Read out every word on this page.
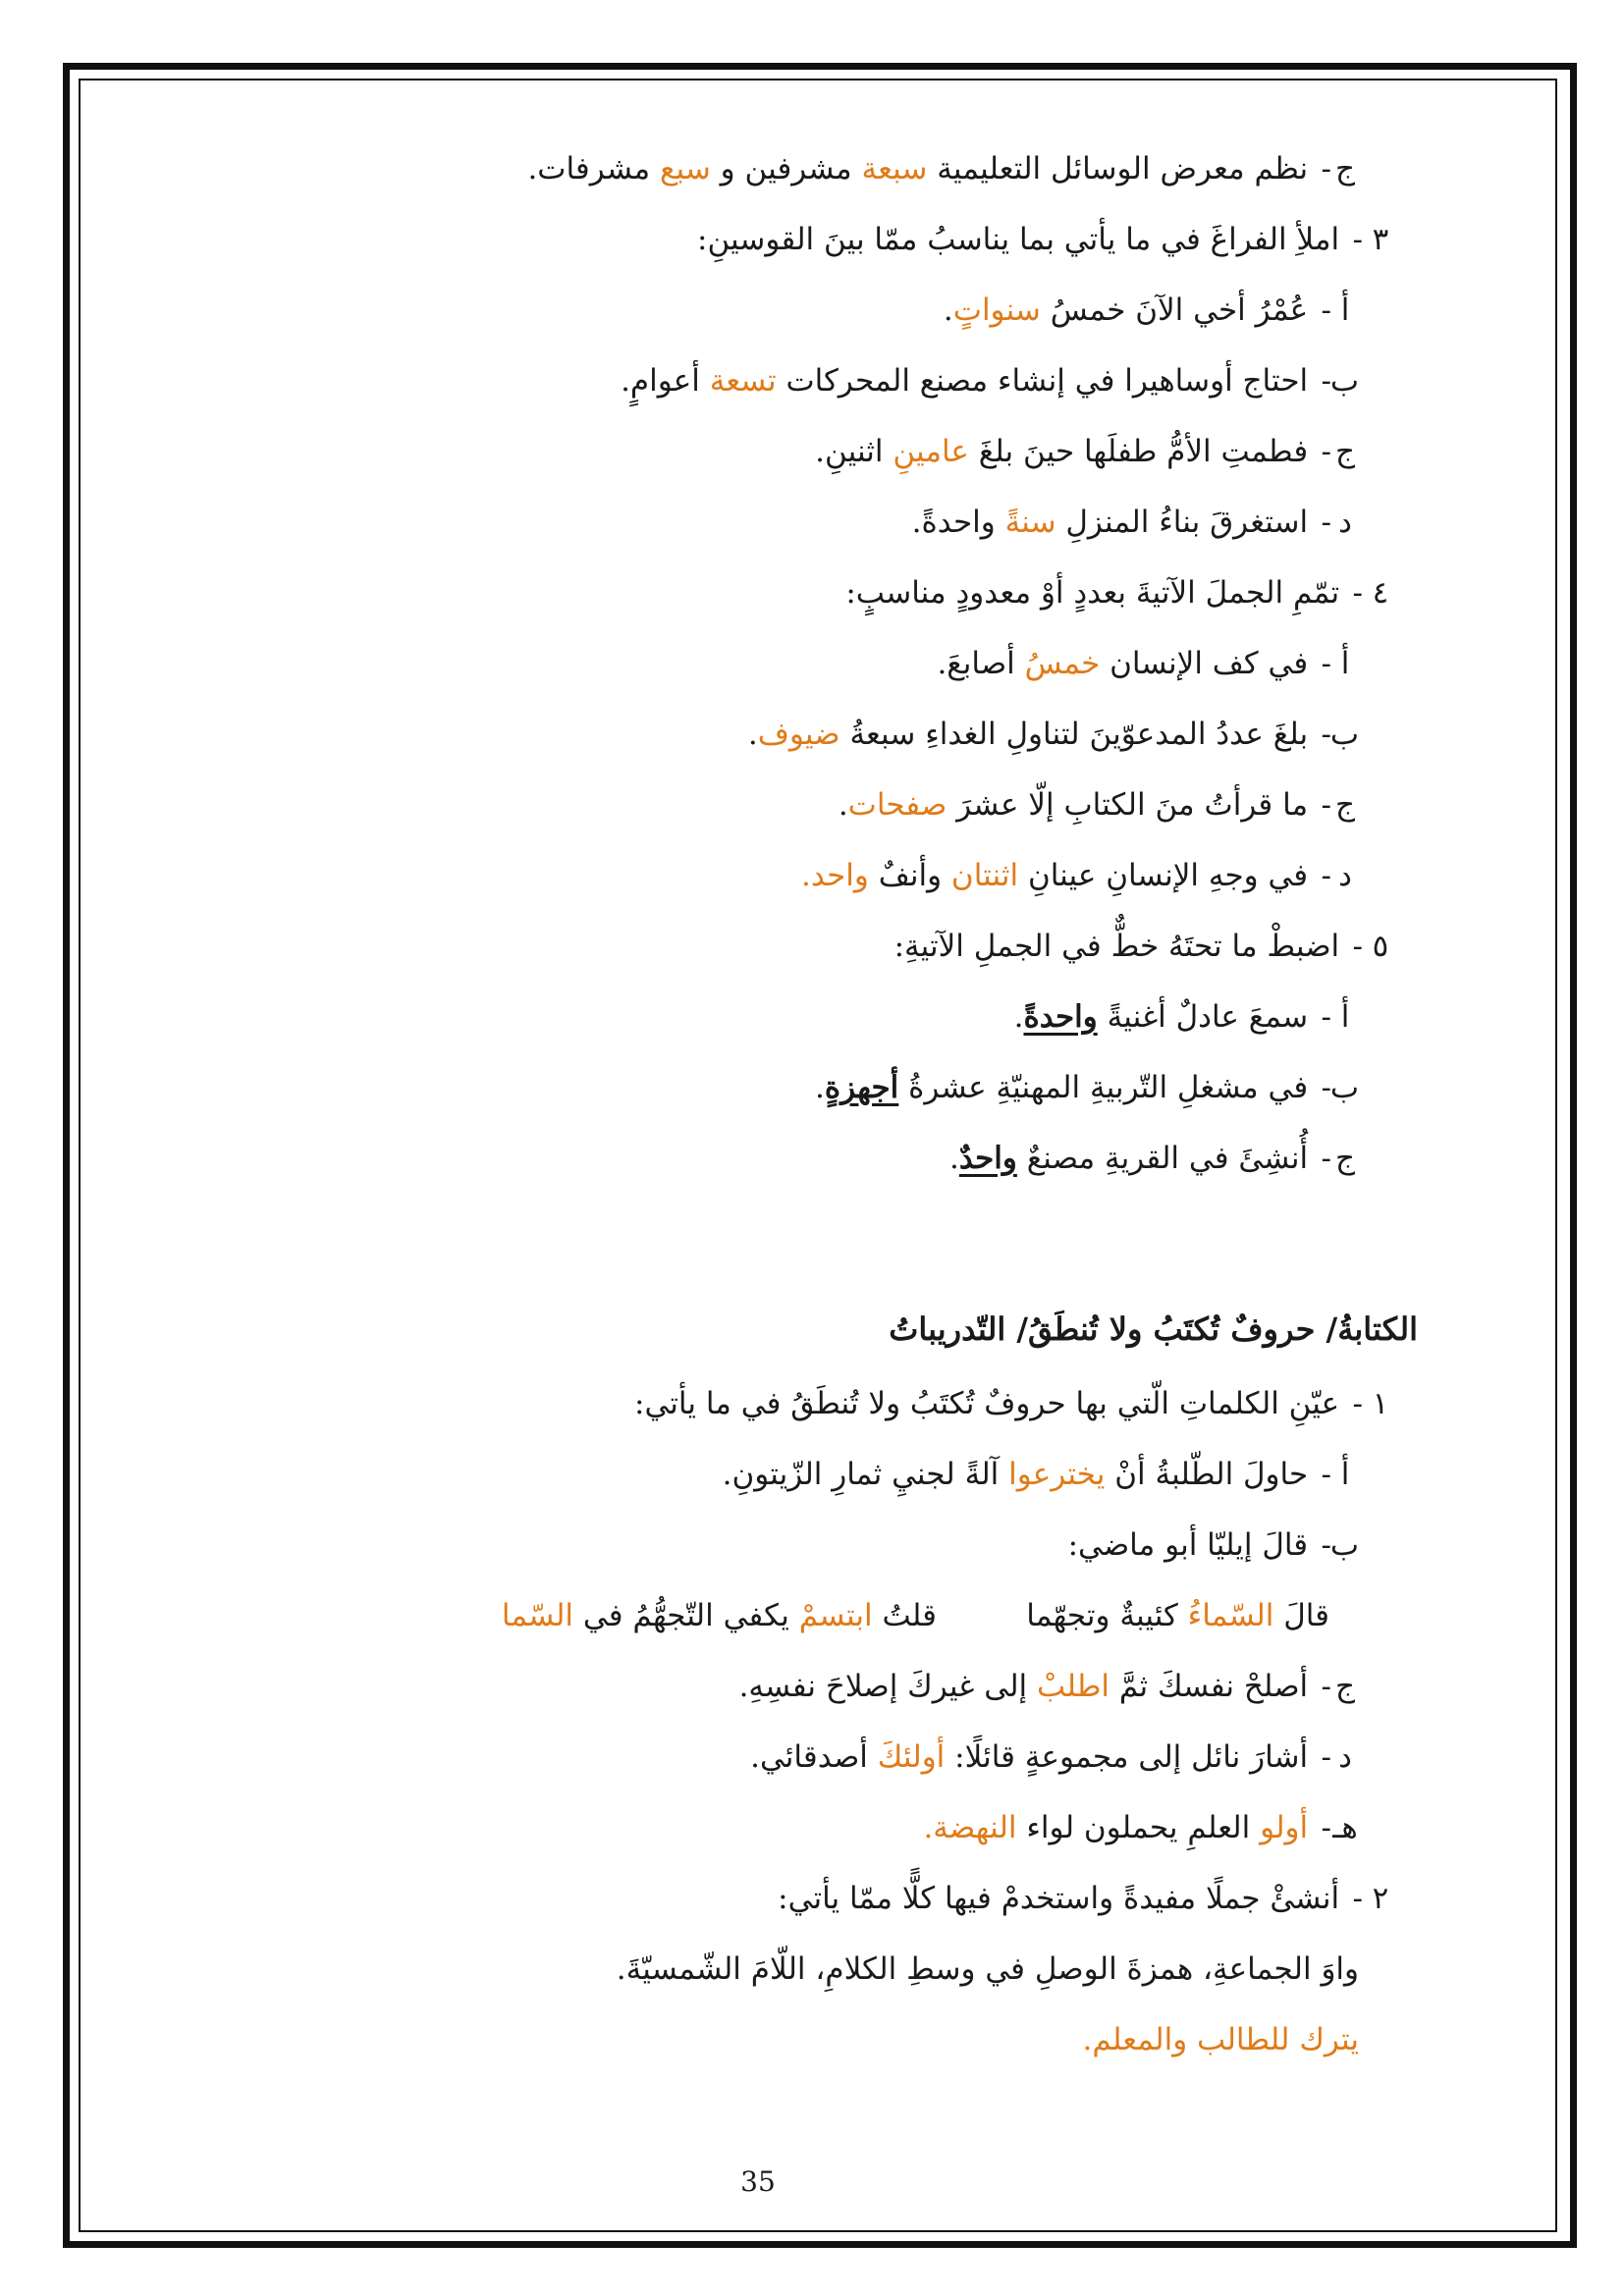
ج- نظم معرض الوسائل التعليمية سبعة مشرفين و سبع مشرفات.
٣- املأِ الفراغَ في ما يأتي بما يناسبُ ممّا بينَ القوسينِ:
أ- عُمْرُ أخي الآنَ خمسُ سنواتٍ.
ب- احتاج أوساهيرا في إنشاء مصنع المحركات تسعة أعوامٍ.
ج- فطمتِ الأمُّ طفلَها حينَ بلغَ عامينِ اثنينِ.
د- استغرقَ بناءُ المنزلِ سنةً واحدةً.
٤- تمّمِ الجملَ الآتيةَ بعددٍ أوْ معدودٍ مناسبٍ:
أ- في كف الإنسان خمسُ أصابعَ.
ب- بلغَ عددُ المدعوّينَ لتناولِ الغداءِ سبعةُ ضيوف.
ج- ما قرأتُ منَ الكتابِ إلّا عشرَ صفحات.
د- في وجهِ الإنسانِ عينانِ اثنتان وأنفٌ واحد.
٥- اضبطْ ما تحتَهُ خطٌّ في الجملِ الآتيةِ:
أ- سمعَ عادلٌ أغنيةً واحدةً.
ب- في مشغلِ التّربيةِ المهنيّةِ عشرةُ أجهزةٍ.
ج- أُنشِئَ في القريةِ مصنعٌ واحدٌ.
الكتابةُ/ حروفٌ تُكتَبُ ولا تُنطَقُ/ التّدريباتُ
١- عيّنِ الكلماتِ الّتي بها حروفٌ تُكتَبُ ولا تُنطَقُ في ما يأتي:
أ- حاولَ الطّلبةُ أنْ يخترعوا آلةً لجنيِ ثمارِ الزّيتونِ.
ب- قالَ إيليّا أبو ماضي:
قالَ السّماءُ كئيبةٌ وتجهّما
قلتُ ابتسمْ يكفي التّجهُّمُ في السّما
ج- أصلحْ نفسكَ ثمَّ اطلبْ إلى غيركَ إصلاحَ نفسِهِ.
د- أشارَ نائل إلى مجموعةٍ قائلًا: أولئكَ أصدقائي.
هـ- أولو العلمِ يحملون لواء النهضة.
٢- أنشئْ جملًا مفيدةً واستخدمْ فيها كلًّا ممّا يأتي:
واوَ الجماعةِ، همزةَ الوصلِ في وسطِ الكلامِ، اللّامَ الشّمسيّةَ.
يترك للطالب والمعلم.
35
